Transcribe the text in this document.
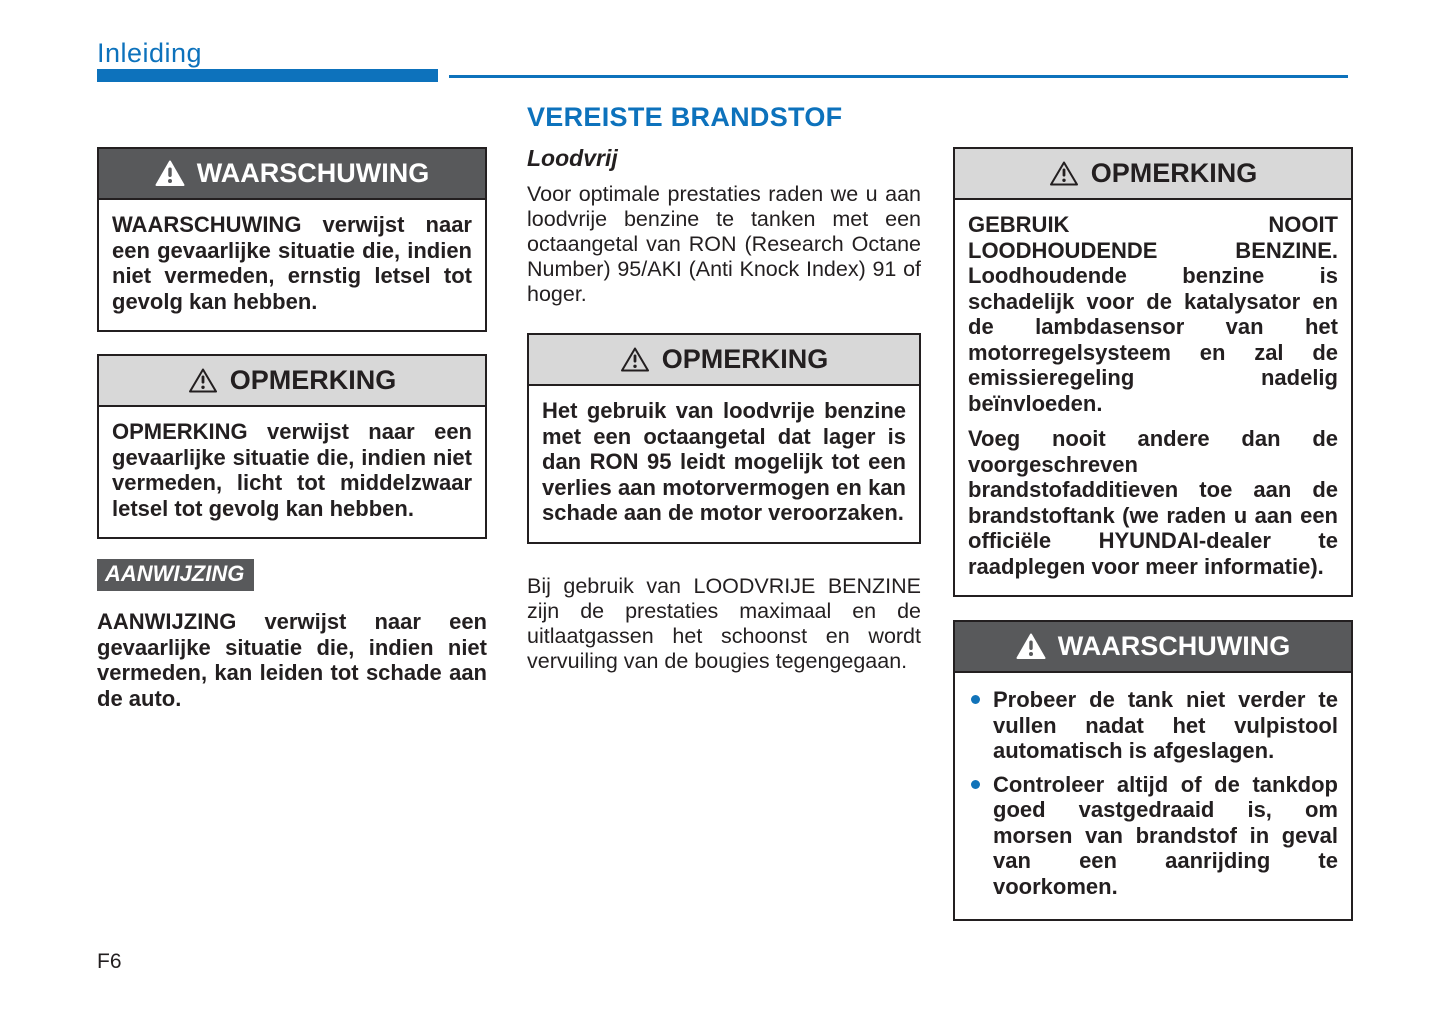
Inleiding
WAARSCHUWING
WAARSCHUWING verwijst naar een gevaarlijke situatie die, indien niet vermeden, ernstig letsel tot gevolg kan hebben.
OPMERKING
OPMERKING verwijst naar een gevaarlijke situatie die, indien niet vermeden, licht tot middelzwaar letsel tot gevolg kan hebben.
AANWIJZING
AANWIJZING verwijst naar een gevaarlijke situatie die, indien niet vermeden, kan leiden tot schade aan de auto.
VEREISTE BRANDSTOF
Loodvrij

Voor optimale prestaties raden we u aan loodvrije benzine te tanken met een octaangetal van RON (Research Octane Number) 95/AKI (Anti Knock Index) 91 of hoger.

OPMERKING
Het gebruik van loodvrije benzine met een octaangetal dat lager is dan RON 95 leidt mogelijk tot een verlies aan motorvermogen en kan schade aan de motor veroorzaken.

Bij gebruik van LOODVRIJE BENZINE zijn de prestaties maximaal en de uitlaatgassen het schoonst en wordt vervuiling van de bougies tegengegaan.

OPMERKING

GEBRUIK NOOIT LOODHOUDENDE BENZINE. Loodhoudende benzine is schadelijk voor de katalysator en de lambdasensor van het motorregelsysteem en zal de emissieregeling nadelig beïnvloeden.

Voeg nooit andere dan de voorgeschreven brandstofadditieven toe aan de brandstoftank (we raden u aan een officiële HYUNDAI-dealer te raadplegen voor meer informatie).

WAARSCHUWING
Probeer de tank niet verder te vullen nadat het vulpistool automatisch is afgeslagen.
Controleer altijd of de tankdop goed vastgedraaid is, om morsen van brandstof in geval van een aanrijding te voorkomen.
F6
